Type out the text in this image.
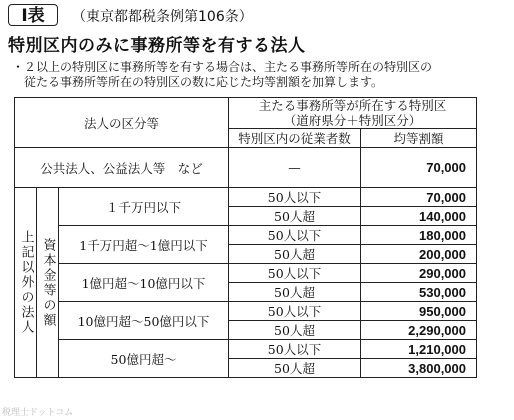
Ⅰ表	（東京都都税条例第106条）
特別区内のみに事務所等を有する法人
・２以上の特別区に事務所等を有する場合は、主たる事務所等所在の特別区の
　従たる事務所等所在の特別区の数に応じた均等割額を加算します。
法人の区分等			主たる事務所等が所在する特別区
（道府県分＋特別区分）	

			特別区内の従業者数	均等割額
公共法人、公益法人等　など			—	70,000

上記以外の法人	資本金等の額	１千万円以下	50人以下	70,000
			50人超	140,000
		1千万円超～1億円以下	50人以下	180,000
			50人超	200,000
		1億円超～10億円以下	50人以下	290,000
			50人超	530,000
		10億円超～50億円以下	50人以下	950,000
			50人超	2,290,000
		50億円超～	50人以下	1,210,000
			50人超	3,800,000
税理士ドットコム
